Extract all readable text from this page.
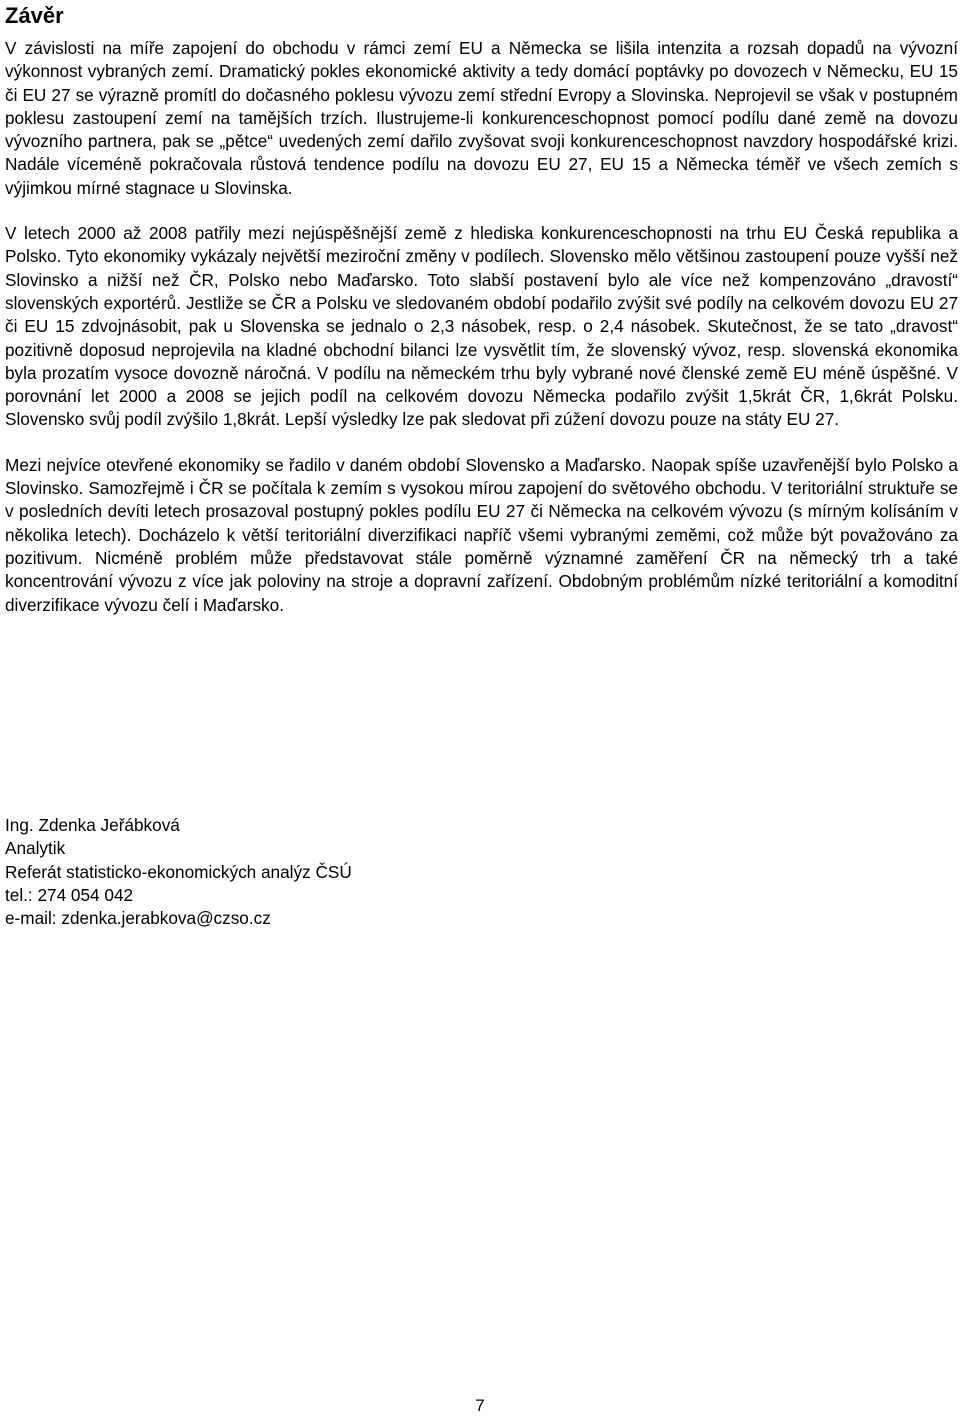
Závěr

V závislosti na míře zapojení do obchodu v rámci zemí EU a Německa se lišila intenzita a rozsah dopadů na vývozní výkonnost vybraných zemí. Dramatický pokles ekonomické aktivity a tedy domácí poptávky po dovozech v Německu, EU 15 či EU 27 se výrazně promítl do dočasného poklesu vývozu zemí střední Evropy a Slovinska. Neprojevil se však v postupném poklesu zastoupení zemí na tamějších trzích. Ilustrujeme-li konkurenceschopnost pomocí podílu dané země na dovozu vývozního partnera, pak se „pětce“ uvedených zemí dařilo zvyšovat svoji konkurenceschopnost navzdory hospodářské krizi. Nadále víceméně pokračovala růstová tendence podílu na dovozu EU 27, EU 15 a Německa téměř ve všech zemích s výjimkou mírné stagnace u Slovinska.

V letech 2000 až 2008 patřily mezi nejúspěšnější země z hlediska konkurenceschopnosti na trhu EU Česká republika a Polsko. Tyto ekonomiky vykázaly největší meziroční změny v podílech. Slovensko mělo většinou zastoupení pouze vyšší než Slovinsko a nižší než ČR, Polsko nebo Maďarsko. Toto slabší postavení bylo ale více než kompenzováno „dravostí“ slovenských exportérů. Jestliže se ČR a Polsku ve sledovaném období podařilo zvýšit své podíly na celkovém dovozu EU 27 či EU 15 zdvojnásobit, pak u Slovenska se jednalo o 2,3 násobek, resp. o 2,4 násobek. Skutečnost, že se tato „dravost“ pozitivně doposud neprojevila na kladné obchodní bilanci lze vysvětlit tím, že slovenský vývoz, resp. slovenská ekonomika byla prozatím vysoce dovozně náročná. V podílu na německém trhu byly vybrané nové členské země EU méně úspěšné. V porovnání let 2000 a 2008 se jejich podíl na celkovém dovozu Německa podařilo zvýšit 1,5krát ČR, 1,6krát Polsku. Slovensko svůj podíl zvýšilo 1,8krát. Lepší výsledky lze pak sledovat při zúžení dovozu pouze na státy EU 27.

Mezi nejvíce otevřené ekonomiky se řadilo v daném období Slovensko a Maďarsko. Naopak spíše uzavřenější bylo Polsko a Slovinsko. Samozřejmě i ČR se počítala k zemím s vysokou mírou zapojení do světového obchodu. V teritoriální struktuře se v posledních devíti letech prosazoval postupný pokles podílu EU 27 či Německa na celkovém vývozu (s mírným kolísáním v několika letech). Docházelo k větší teritoriální diverzifikaci napříč všemi vybranými zeměmi, což může být považováno za pozitivum. Nicméně problém může představovat stále poměrně významné zaměření ČR na německý trh a také koncentrování vývozu z více jak poloviny na stroje a dopravní zařízení. Obdobným problémům nízké teritoriální a komoditní diverzifikace vývozu čelí i Maďarsko.

Ing. Zdenka Jeřábková
Analytik
Referát statisticko-ekonomických analýz ČSÚ
tel.: 274 054 042
e-mail: zdenka.jerabkova@czso.cz
7
